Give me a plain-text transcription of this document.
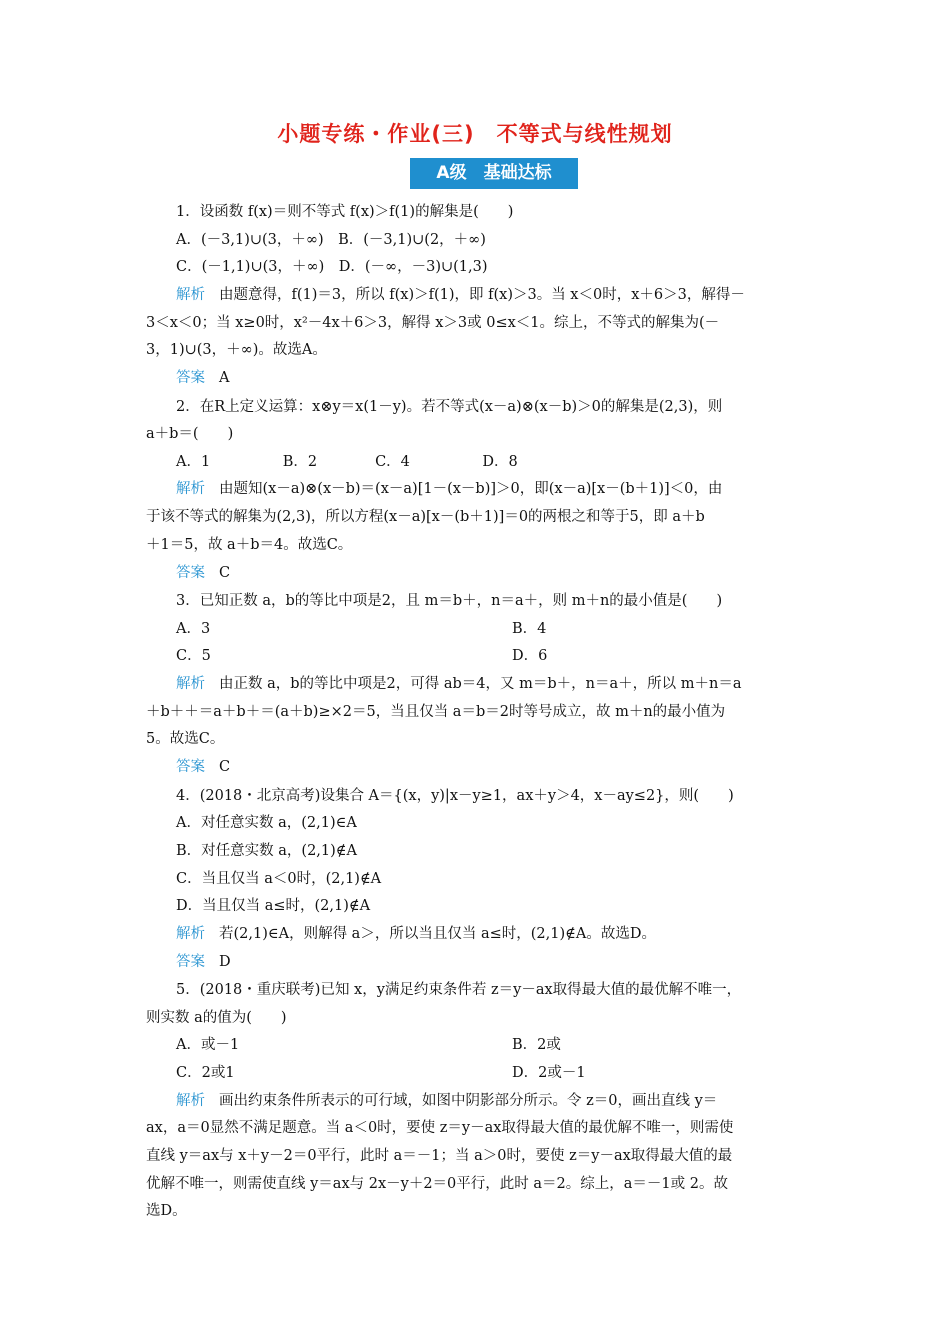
小题专练・作业(三)　不等式与线性规划
A级　基础达标
1．设函数 f(x)＝则不等式 f(x)＞f(1)的解集是(　　)
A．(－3,1)∪(3，＋∞)　B．(－3,1)∪(2，＋∞)
C．(－1,1)∪(3，＋∞)　D．(－∞，－3)∪(1,3)
解析 由题意得，f(1)＝3，所以 f(x)＞f(1)，即 f(x)＞3。当 x＜0时，x＋6＞3，解得－
3＜x＜0；当 x≥0时，x²－4x＋6＞3，解得 x＞3或 0≤x＜1。综上，不等式的解集为(－
3，1)∪(3，＋∞)。故选A。
答案 A
2．在R上定义运算：x⊗y＝x(1－y)。若不等式(x－a)⊗(x－b)＞0的解集是(2,3)，则
a＋b＝(　　)
A．1　　　　　B．2　　　　C．4　　　　　D．8
解析 由题知(x－a)⊗(x－b)＝(x－a)[1－(x－b)]＞0，即(x－a)[x－(b＋1)]＜0，由
于该不等式的解集为(2,3)，所以方程(x－a)[x－(b＋1)]＝0的两根之和等于5，即 a＋b
＋1＝5，故 a＋b＝4。故选C。
答案 C
3．已知正数 a，b的等比中项是2，且 m＝b＋，n＝a＋，则 m＋n的最小值是(　　)
A．3	B．4
C．5	D．6
解析 由正数 a，b的等比中项是2，可得 ab＝4，又 m＝b＋，n＝a＋，所以 m＋n＝a
＋b＋＋＝a＋b＋＝(a＋b)≥×2＝5，当且仅当 a＝b＝2时等号成立，故 m＋n的最小值为
5。故选C。
答案 C
4．(2018・北京高考)设集合 A＝{(x，y)|x－y≥1，ax＋y＞4，x－ay≤2}，则(　　)
A．对任意实数 a，(2,1)∈A
B．对任意实数 a，(2,1)∉A
C．当且仅当 a＜0时，(2,1)∉A
D．当且仅当 a≤时，(2,1)∉A
解析 若(2,1)∈A，则解得 a＞，所以当且仅当 a≤时，(2,1)∉A。故选D。
答案 D
5．(2018・重庆联考)已知 x，y满足约束条件若 z＝y－ax取得最大值的最优解不唯一，
则实数 a的值为(　　)
A．或－1	B．2或
C．2或1	D．2或－1
解析 画出约束条件所表示的可行域，如图中阴影部分所示。令 z＝0，画出直线 y＝
ax，a＝0显然不满足题意。当 a＜0时，要使 z＝y－ax取得最大值的最优解不唯一，则需使
直线 y＝ax与 x＋y－2＝0平行，此时 a＝－1；当 a＞0时，要使 z＝y－ax取得最大值的最
优解不唯一，则需使直线 y＝ax与 2x－y＋2＝0平行，此时 a＝2。综上，a＝－1或 2。故
选D。
